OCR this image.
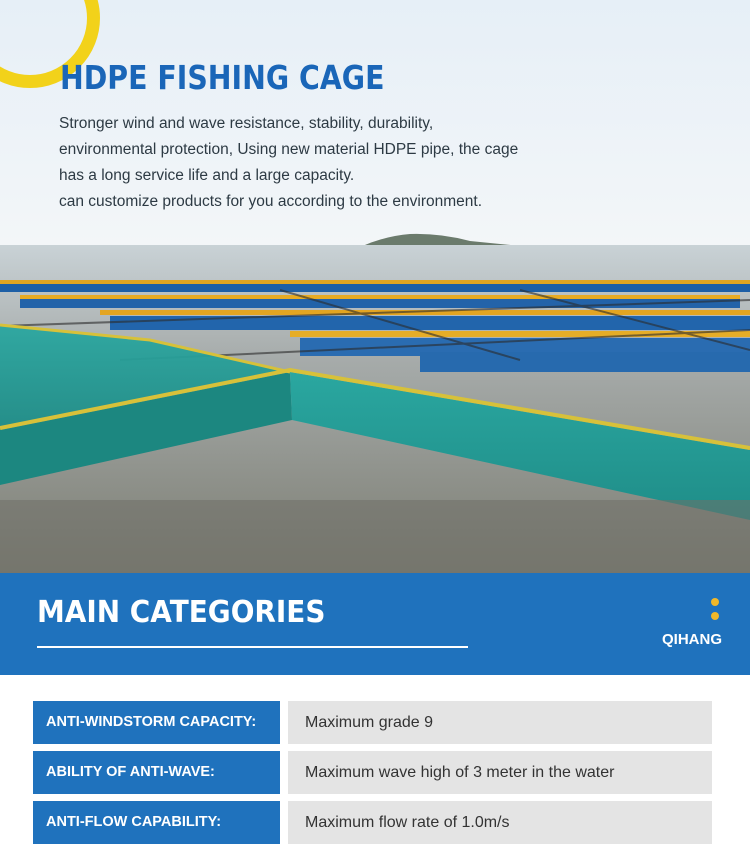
HDPE FISHING CAGE
Stronger wind and wave resistance, stability, durability,
environmental protection, Using new material HDPE pipe, the cage
has a long service life and a large capacity.
can customize products for you according to the environment.
MAIN CATEGORIES
QIHANG
ANTI-WINDSTORM CAPACITY:	Maximum grade 9
ABILITY OF ANTI-WAVE:	Maximum wave high of 3 meter in the water
ANTI-FLOW CAPABILITY:	Maximum flow rate of 1.0m/s
